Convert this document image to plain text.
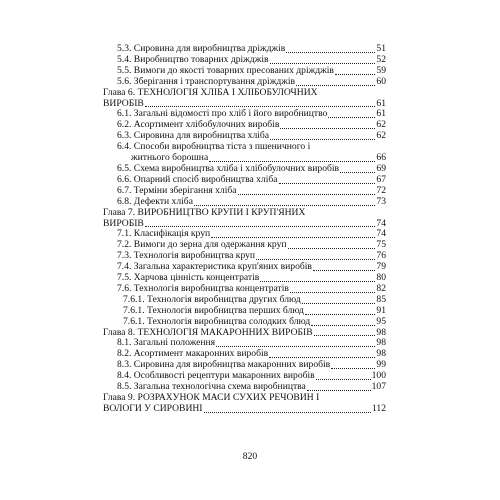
5.3. Сировина для виробництва дріжджів	51
5.4. Виробництво товарних дріжджів	52
5.5. Вимоги до якості товарних пресованих дріжджів	59
5.6. Зберігання і транспортування дріжджів	60
Глава 6. ТЕХНОЛОГІЯ ХЛІБА І ХЛІБОБУЛОЧНИХ
ВИРОБІВ	61
6.1. Загальні відомості про хліб і його виробництво	61
6.2. Асортимент хлібобулочних виробів	62
6.3. Сировина для виробництва хліба	62
6.4. Способи виробництва тіста з пшеничного і
житнього борошна	66
6.5. Схема виробництва хліба і хлібобулочних виробів	69
6.6. Опарний спосіб виробництва хліба	67
6.7. Терміни зберігання хліба	72
6.8. Дефекти хліба	73
Глава 7. ВИРОБНИЦТВО КРУПИ І КРУП'ЯНИХ
ВИРОБІВ	74
7.1. Класифікація круп	74
7.2. Вимоги до зерна для одержання круп	75
7.3. Технологія виробництва круп	76
7.4. Загальна характеристика круп'яних виробів	79
7.5. Харчова цінність концентратів	80
7.6. Технологія виробництва концентратів	82
7.6.1. Технологія виробництва других блюд	85
7.6.1. Технологія виробництва перших блюд	91
7.6.1. Технологія виробництва солодких блюд	95
Глава 8. ТЕХНОЛОГІЯ МАКАРОННИХ ВИРОБІВ	98
8.1. Загальні положення	98
8.2. Асортимент макаронних виробів	98
8.3. Сировина для виробництва макаронних виробів	99
8.4. Особливості рецептури макаронних виробів	100
8.5. Загальна технологічна схема виробництва	107
Глава 9. РОЗРАХУНОК МАСИ СУХИХ РЕЧОВИН І
ВОЛОГИ У СИРОВИНІ	112
820
